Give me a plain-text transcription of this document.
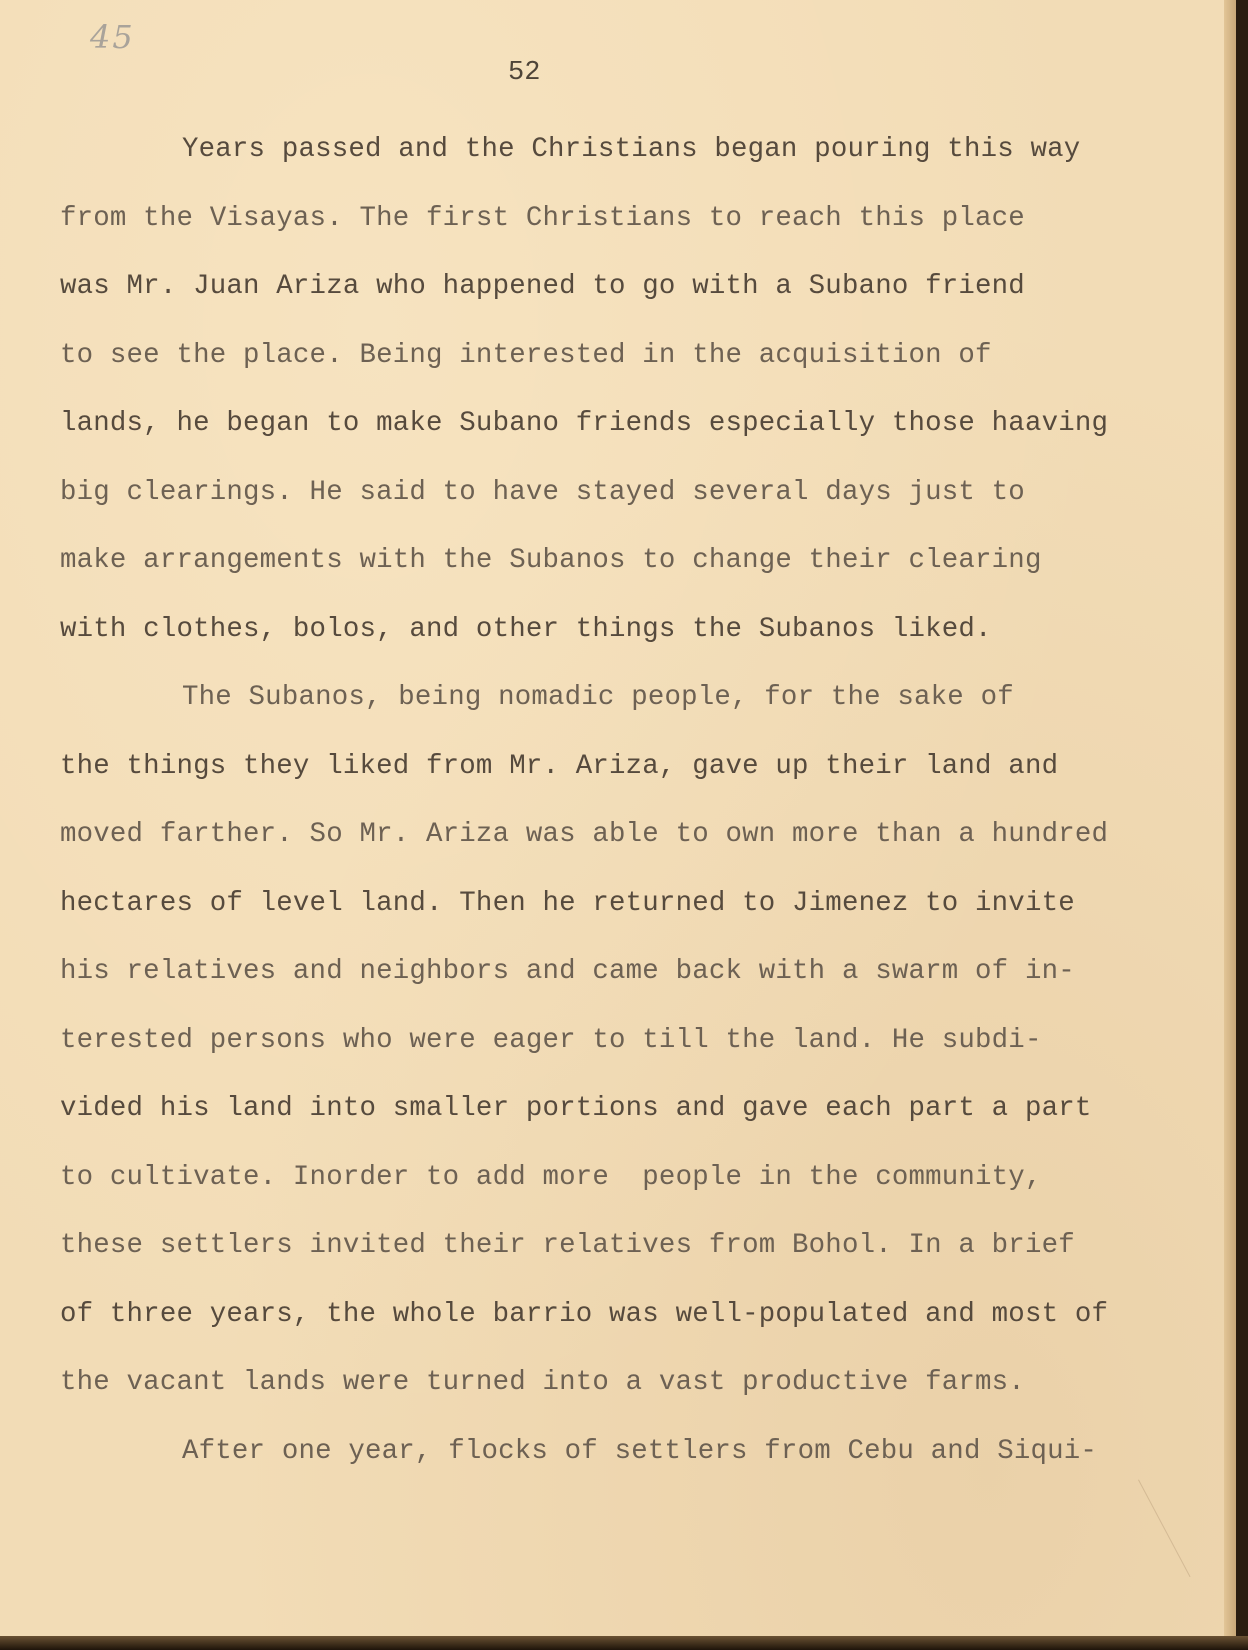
45
52
Years passed and the Christians began pouring this way
from the Visayas. The first Christians to reach this place
was Mr. Juan Ariza who happened to go with a Subano friend
to see the place. Being interested in the acquisition of
lands, he began to make Subano friends especially those haaving
big clearings. He said to have stayed several days just to
make arrangements with the Subanos to change their clearing
with clothes, bolos, and other things the Subanos liked.
The Subanos, being nomadic people, for the sake of
the things they liked from Mr. Ariza, gave up their land and
moved farther. So Mr. Ariza was able to own more than a hundred
hectares of level land. Then he returned to Jimenez to invite
his relatives and neighbors and came back with a swarm of in-
terested persons who were eager to till the land. He subdi-
vided his land into smaller portions and gave each part a part
to cultivate. Inorder to add more  people in the community,
these settlers invited their relatives from Bohol. In a brief
of three years, the whole barrio was well-populated and most of
the vacant lands were turned into a vast productive farms.
After one year, flocks of settlers from Cebu and Siqui-
